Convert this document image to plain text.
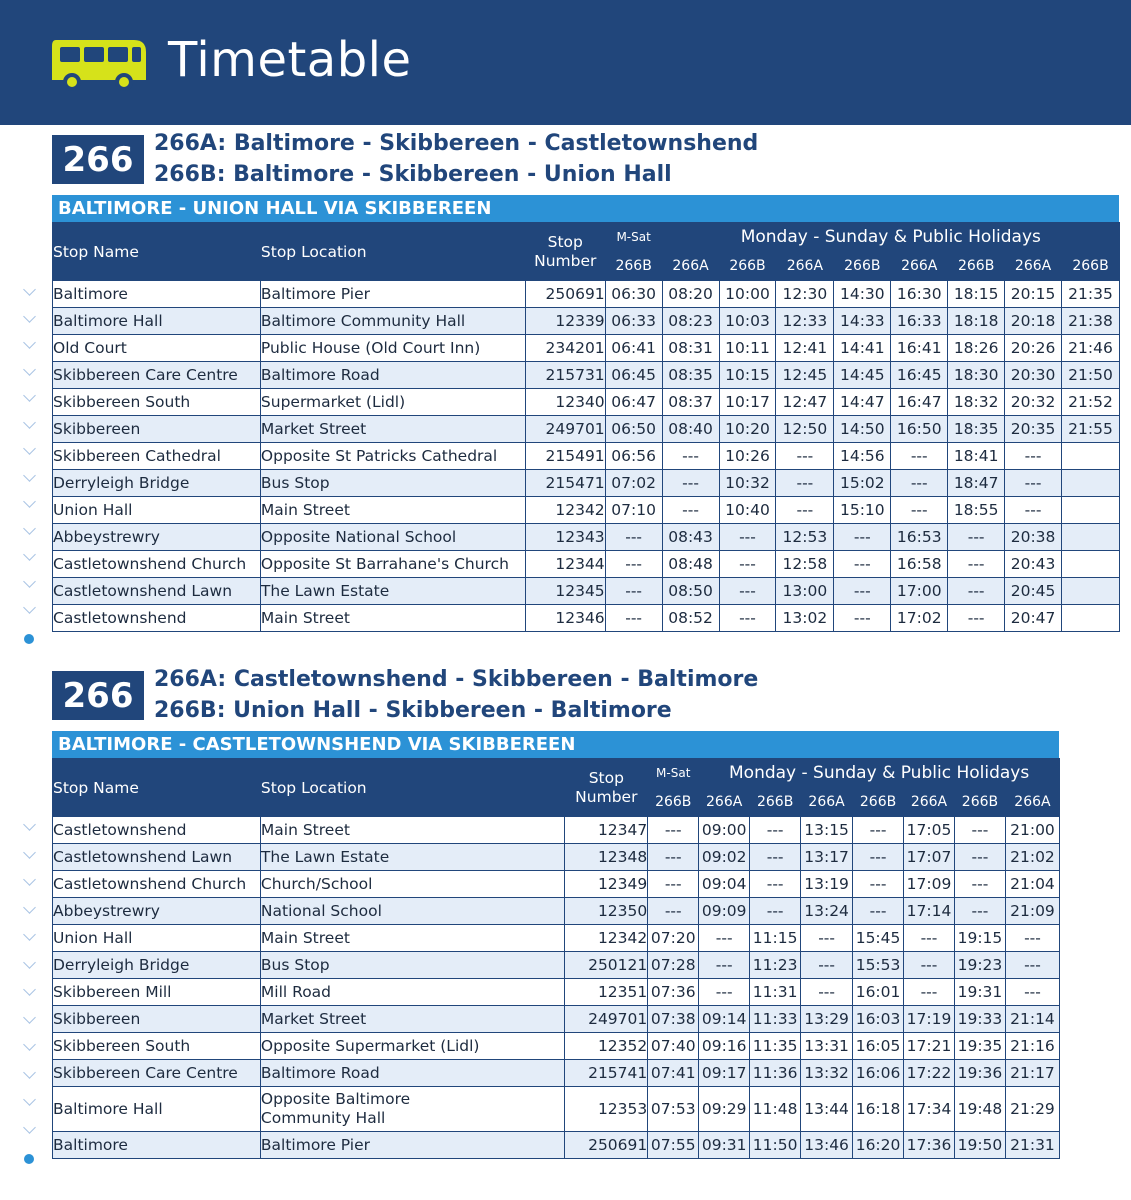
Timetable
266 266A: Baltimore - Skibbereen - Castletownshend
266B: Baltimore - Skibbereen - Union Hall
BALTIMORE - UNION HALL VIA SKIBBEREEN
Stop Name	Stop Location	Stop Number	M-Sat	Monday - Sunday & Public Holidays							
			266B	266A	266B	266A	266B	266A	266B	266A	266B
Baltimore	Baltimore Pier	250691	06:30	08:20	10:00	12:30	14:30	16:30	18:15	20:15	21:35
Baltimore Hall	Baltimore Community Hall	12339	06:33	08:23	10:03	12:33	14:33	16:33	18:18	20:18	21:38
Old Court	Public House (Old Court Inn)	234201	06:41	08:31	10:11	12:41	14:41	16:41	18:26	20:26	21:46
Skibbereen Care Centre	Baltimore Road	215731	06:45	08:35	10:15	12:45	14:45	16:45	18:30	20:30	21:50
Skibbereen South	Supermarket (Lidl)	12340	06:47	08:37	10:17	12:47	14:47	16:47	18:32	20:32	21:52
Skibbereen	Market Street	249701	06:50	08:40	10:20	12:50	14:50	16:50	18:35	20:35	21:55
Skibbereen Cathedral	Opposite St Patricks Cathedral	215491	06:56	---	10:26	---	14:56	---	18:41	---	
Derryleigh Bridge	Bus Stop	215471	07:02	---	10:32	---	15:02	---	18:47	---	
Union Hall	Main Street	12342	07:10	---	10:40	---	15:10	---	18:55	---	
Abbeystrewry	Opposite National School	12343	---	08:43	---	12:53	---	16:53	---	20:38	
Castletownshend Church	Opposite St Barrahane's Church	12344	---	08:48	---	12:58	---	16:58	---	20:43	
Castletownshend Lawn	The Lawn Estate	12345	---	08:50	---	13:00	---	17:00	---	20:45	
Castletownshend	Main Street	12346	---	08:52	---	13:02	---	17:02	---	20:47	
266 266A: Castletownshend - Skibbereen - Baltimore
266B: Union Hall - Skibbereen - Baltimore
BALTIMORE - CASTLETOWNSHEND VIA SKIBBEREEN
Stop Name	Stop Location	Stop Number	M-Sat	Monday - Sunday & Public Holidays						
			266B	266A	266B	266A	266B	266A	266B	266A
Castletownshend	Main Street	12347	---	09:00	---	13:15	---	17:05	---	21:00
Castletownshend Lawn	The Lawn Estate	12348	---	09:02	---	13:17	---	17:07	---	21:02
Castletownshend Church	Church/School	12349	---	09:04	---	13:19	---	17:09	---	21:04
Abbeystrewry	National School	12350	---	09:09	---	13:24	---	17:14	---	21:09
Union Hall	Main Street	12342	07:20	---	11:15	---	15:45	---	19:15	---
Derryleigh Bridge	Bus Stop	250121	07:28	---	11:23	---	15:53	---	19:23	---
Skibbereen Mill	Mill Road	12351	07:36	---	11:31	---	16:01	---	19:31	---
Skibbereen	Market Street	249701	07:38	09:14	11:33	13:29	16:03	17:19	19:33	21:14
Skibbereen South	Opposite Supermarket (Lidl)	12352	07:40	09:16	11:35	13:31	16:05	17:21	19:35	21:16
Skibbereen Care Centre	Baltimore Road	215741	07:41	09:17	11:36	13:32	16:06	17:22	19:36	21:17
Baltimore Hall	Opposite Baltimore Community Hall	12353	07:53	09:29	11:48	13:44	16:18	17:34	19:48	21:29
Baltimore	Baltimore Pier	250691	07:55	09:31	11:50	13:46	16:20	17:36	19:50	21:31
